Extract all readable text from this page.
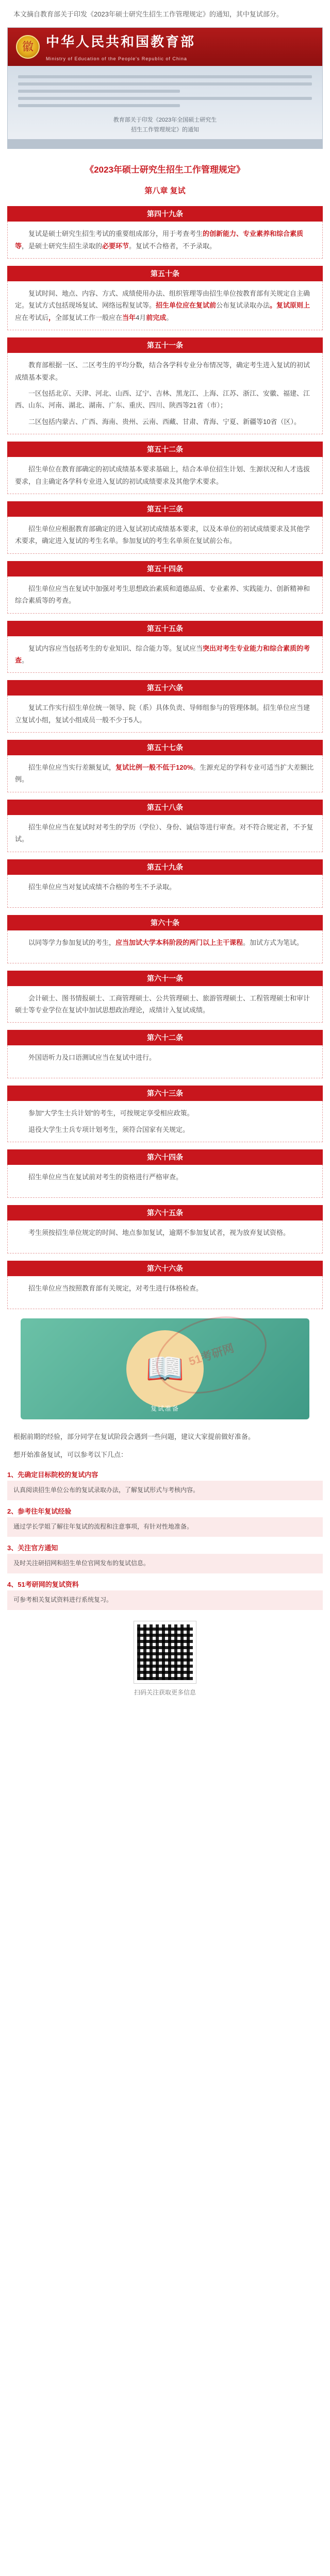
本文摘自教育部关于印发《2023年硕士研究生招生工作管理规定》的通知，其中复试部分。
徽 中华人民共和国教育部
Ministry of Education of the People's Republic of China
教育部关于印发《2023年全国硕士研究生
招生工作管理规定》的通知
《2023年硕士研究生招生工作管理规定》
第八章 复试
第四十九条

复试是硕士研究生招生考试的重要组成部分，用于考查考生的创新能力、专业素养和综合素质等，是硕士研究生招生录取的必要环节。复试不合格者，不予录取。

第五十条

复试时间、地点、内容、方式、成绩使用办法、组织管理等由招生单位按教育部有关规定自主确定。复试方式包括现场复试、网络远程复试等。招生单位应在复试前公布复试录取办法。复试原则上应在考试后，全部复试工作一般应在当年4月前完成。

第五十一条

教育部根据一区、二区考生的平均分数，结合各学科专业分布情况等，确定考生进入复试的初试成绩基本要求。

一区包括北京、天津、河北、山西、辽宁、吉林、黑龙江、上海、江苏、浙江、安徽、福建、江西、山东、河南、湖北、湖南、广东、重庆、四川、陕西等21省（市）；

二区包括内蒙古、广西、海南、贵州、云南、西藏、甘肃、青海、宁夏、新疆等10省（区）。

第五十二条

招生单位在教育部确定的初试成绩基本要求基础上，结合本单位招生计划、生源状况和人才选拔要求，自主确定各学科专业进入复试的初试成绩要求及其他学术要求。

第五十三条

招生单位应根据教育部确定的进入复试初试成绩基本要求，以及本单位的初试成绩要求及其他学术要求，确定进入复试的考生名单。参加复试的考生名单须在复试前公布。

第五十四条

招生单位应当在复试中加强对考生思想政治素质和道德品质、专业素养、实践能力、创新精神和综合素质等的考查。

第五十五条

复试内容应当包括考生的专业知识、综合能力等。复试应当突出对考生专业能力和综合素质的考查。

第五十六条

复试工作实行招生单位统一领导、院（系）具体负责、导师组参与的管理体制。招生单位应当建立复试小组，复试小组成员一般不少于5人。

第五十七条

招生单位应当实行差额复试，复试比例一般不低于120%。生源充足的学科专业可适当扩大差额比例。

第五十八条

招生单位应当在复试时对考生的学历（学位）、身份、诚信等进行审查。对不符合规定者，不予复试。

第五十九条

招生单位应当对复试成绩不合格的考生不予录取。

第六十条

以同等学力参加复试的考生，应当加试大学本科阶段的两门以上主干课程。加试方式为笔试。

第六十一条

会计硕士、图书情报硕士、工商管理硕士、公共管理硕士、旅游管理硕士、工程管理硕士和审计硕士等专业学位在复试中加试思想政治理论，成绩计入复试成绩。

第六十二条

外国语听力及口语测试应当在复试中进行。

第六十三条

参加“大学生士兵计划”的考生，可按规定享受相应政策。

退役大学生士兵专项计划考生，须符合国家有关规定。

第六十四条

招生单位应当在复试前对考生的资格进行严格审查。

第六十五条

考生须按招生单位规定的时间、地点参加复试，逾期不参加复试者，视为放弃复试资格。

第六十六条

招生单位应当按照教育部有关规定，对考生进行体格检查。

📖
复试准备

根据前期的经验，部分同学在复试阶段会遇到一些问题，建议大家提前做好准备。

想开始准备复试，可以参考以下几点：

1、先确定目标院校的复试内容
认真阅读招生单位公布的复试录取办法，了解复试形式与考核内容。
2、参考往年复试经验
通过学长学姐了解往年复试的流程和注意事项，有针对性地准备。
3、关注官方通知
及时关注研招网和招生单位官网发布的复试信息。
4、51考研网的复试资料
可参考相关复试资料进行系统复习。
扫码关注获取更多信息
51考研网
